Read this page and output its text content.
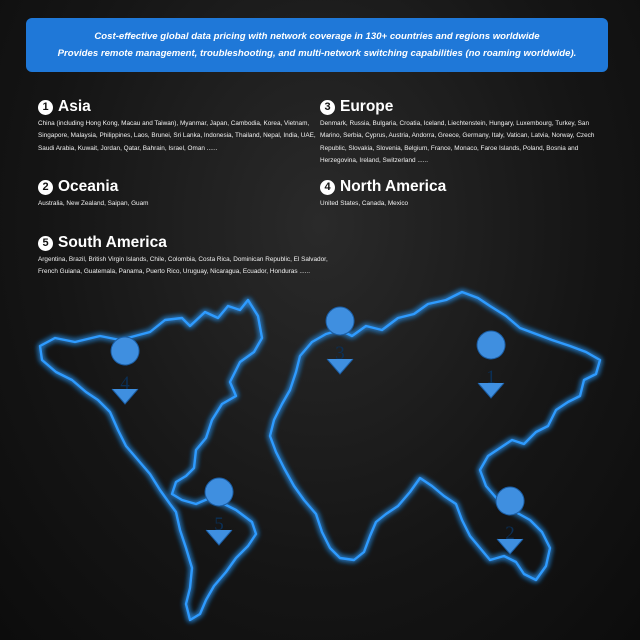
Cost-effective global data pricing with network coverage in 130+ countries and regions worldwide
Provides remote management, troubleshooting, and multi-network switching capabilities (no roaming worldwide).
1 Asia
China (including Hong Kong, Macau and Taiwan), Myanmar, Japan, Cambodia, Korea, Vietnam, Singapore, Malaysia, Philippines, Laos, Brunei, Sri Lanka, Indonesia, Thailand, Nepal, India, UAE, Saudi Arabia, Kuwait, Jordan, Qatar, Bahrain, Israel, Oman ......
3 Europe
Denmark, Russia, Bulgaria, Croatia, Iceland, Liechtenstein, Hungary, Luxembourg, Turkey, San Marino, Serbia, Cyprus, Austria, Andorra, Greece, Germany, Italy, Vatican, Latvia, Norway, Czech Republic, Slovakia, Slovenia, Belgium, France, Monaco, Faroe Islands, Poland, Bosnia and Herzegovina, Ireland, Switzerland ......
2 Oceania
Australia, New Zealand, Saipan, Guam
4 North America
United States, Canada, Mexico
5 South America
Argentina, Brazil, British Virgin Islands, Chile, Colombia, Costa Rica, Dominican Republic, El Salvador, French Guiana, Guatemala, Panama, Puerto Rico, Uruguay, Nicaragua, Ecuador, Honduras ......
1
2
3
4
5
